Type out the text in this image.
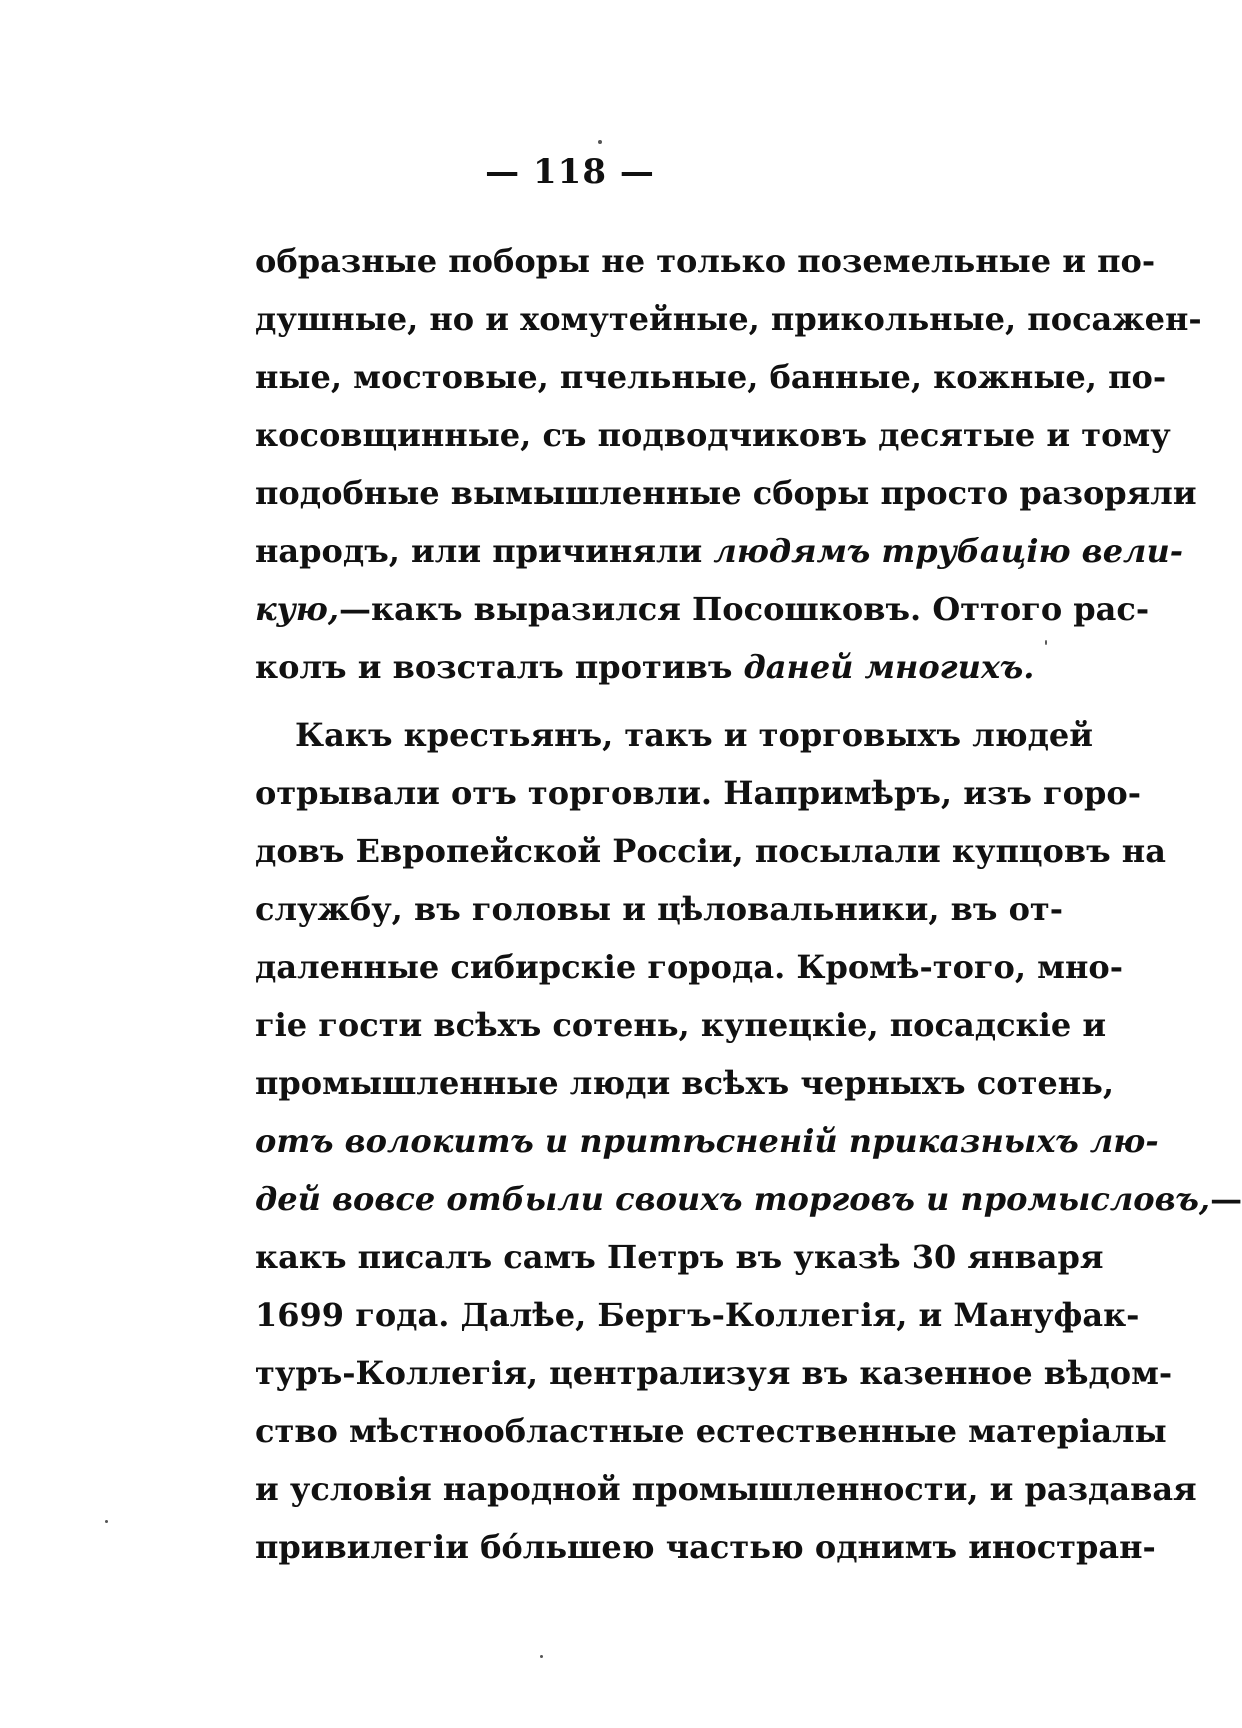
— 118 —
образные поборы не только поземельные и по-
душные, но и хомутейные, прикольные, посажен-
ные, мостовые, пчельные, банные, кожные, по-
косовщинные, съ подводчиковъ десятые и тому
подобные вымышленные сборы просто разоряли
народъ, или причиняли людямъ трубацію вели-
кую,—какъ выразился Посошковъ. Оттого рас-
колъ и возсталъ противъ даней многихъ.
Какъ крестьянъ, такъ и торговыхъ людей
отрывали отъ торговли. Напримѣръ, изъ горо-
довъ Европейской Россіи, посылали купцовъ на
службу, въ головы и цѣловальники, въ от-
даленные сибирскіе города. Кромѣ-того, мно-
гіе гости всѣхъ сотень, купецкіе, посадскіе и
промышленные люди всѣхъ черныхъ сотень,
отъ волокитъ и притѣсненій приказныхъ лю-
дей вовсе отбыли своихъ торговъ и промысловъ,—
какъ писалъ самъ Петръ въ указѣ 30 января
1699 года. Далѣе, Бергъ-Коллегія, и Мануфак-
туръ-Коллегія, централизуя въ казенное вѣдом-
ство мѣстнообластные естественные матеріалы
и условія народной промышленности, и раздавая
привилегіи бо́льшею частью однимъ иностран-
